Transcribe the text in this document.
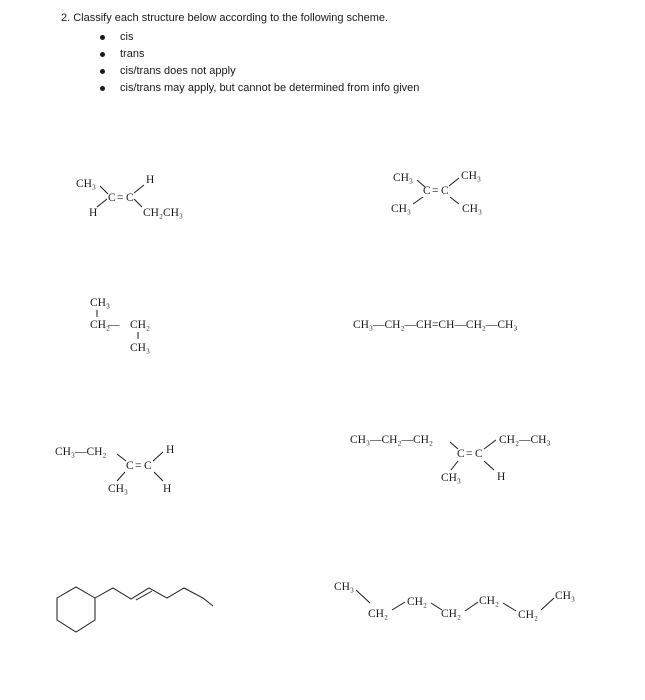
2. Classify each structure below according to the following scheme.
cis
trans
cis/trans does not apply
cis/trans may apply, but cannot be determined from info given
CH₃
C = C
H
H	CH₂CH₃
CH₃
C = C
CH₃
CH₃	CH₃
CH₃
CH₂
— CH₂
CH₃
CH₃—CH₂—CH=CH—CH₂—CH₃
CH₃—CH₂
C = C
H
CH₃	H
CH₃—CH₂—CH₂
C = C
CH₂—CH₃
CH₃	H
CH₃
CH₂
CH₂
CH₂
CH₂
CH₂
CH₃
